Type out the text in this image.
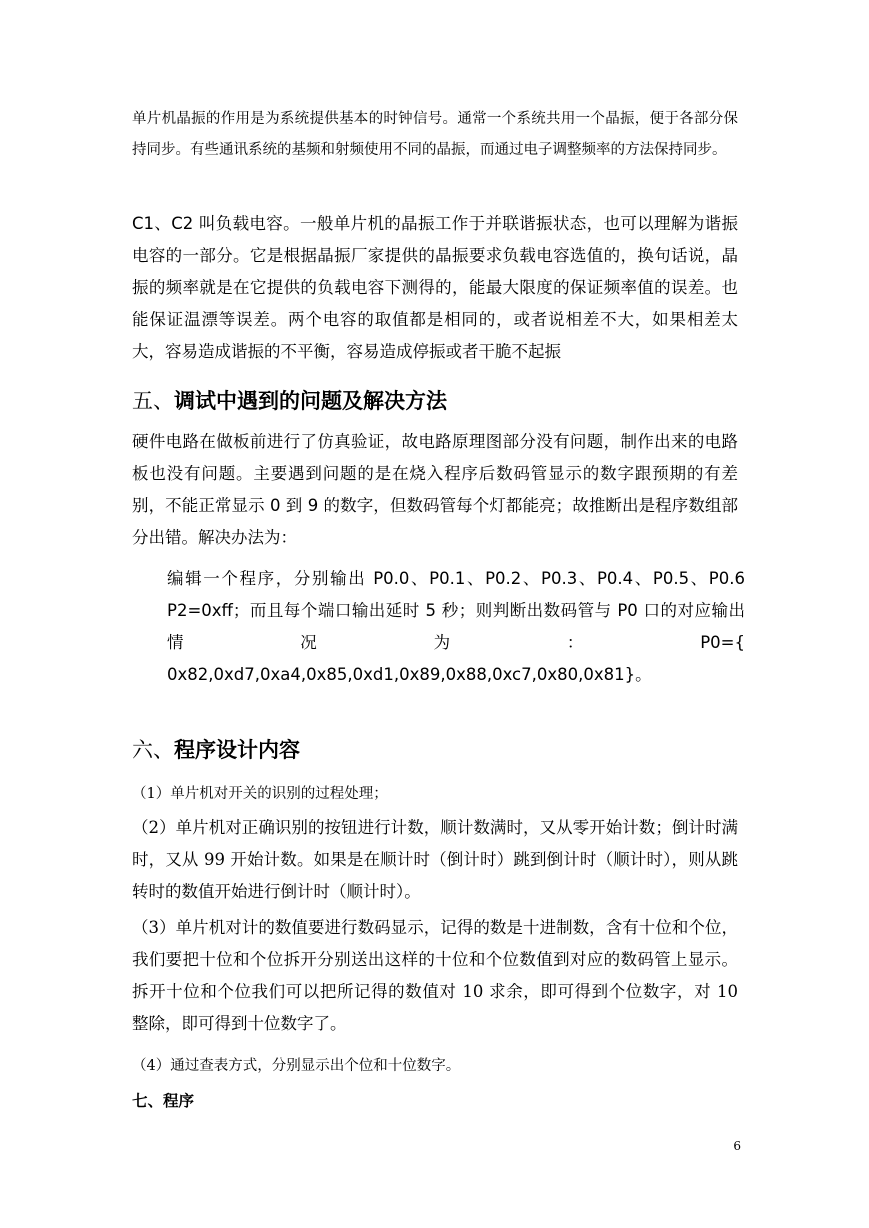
单片机晶振的作用是为系统提供基本的时钟信号。通常一个系统共用一个晶振，便于各部分保持同步。有些通讯系统的基频和射频使用不同的晶振，而通过电子调整频率的方法保持同步。

C1、C2 叫负载电容。一般单片机的晶振工作于并联谐振状态，也可以理解为谐振电容的一部分。它是根据晶振厂家提供的晶振要求负载电容选值的，换句话说，晶振的频率就是在它提供的负载电容下测得的，能最大限度的保证频率值的误差。也能保证温漂等误差。两个电容的取值都是相同的，或者说相差不大，如果相差太大，容易造成谐振的不平衡，容易造成停振或者干脆不起振

五、调试中遇到的问题及解决方法

硬件电路在做板前进行了仿真验证，故电路原理图部分没有问题，制作出来的电路板也没有问题。主要遇到问题的是在烧入程序后数码管显示的数字跟预期的有差别，不能正常显示 0 到 9 的数字，但数码管每个灯都能亮；故推断出是程序数组部分出错。解决办法为：

编辑一个程序，分别输出 P0.0、P0.1、P0.2、P0.3、P0.4、P0.5、P0.6 P2=0xff；而且每个端口输出延时 5 秒；则判断出数码管与 P0 口的对应输出情况为：P0={ 0x82,0xd7,0xa4,0x85,0xd1,0x89,0x88,0xc7,0x80,0x81}。

六、程序设计内容

（1）单片机对开关的识别的过程处理；

（2）单片机对正确识别的按钮进行计数，顺计数满时，又从零开始计数；倒计时满时，又从 99 开始计数。如果是在顺计时（倒计时）跳到倒计时（顺计时），则从跳转时的数值开始进行倒计时（顺计时）。

（3）单片机对计的数值要进行数码显示，记得的数是十进制数，含有十位和个位，我们要把十位和个位拆开分别送出这样的十位和个位数值到对应的数码管上显示。拆开十位和个位我们可以把所记得的数值对 10 求余，即可得到个位数字，对 10 整除，即可得到十位数字了。

（4）通过查表方式，分别显示出个位和十位数字。

七、程序
6
